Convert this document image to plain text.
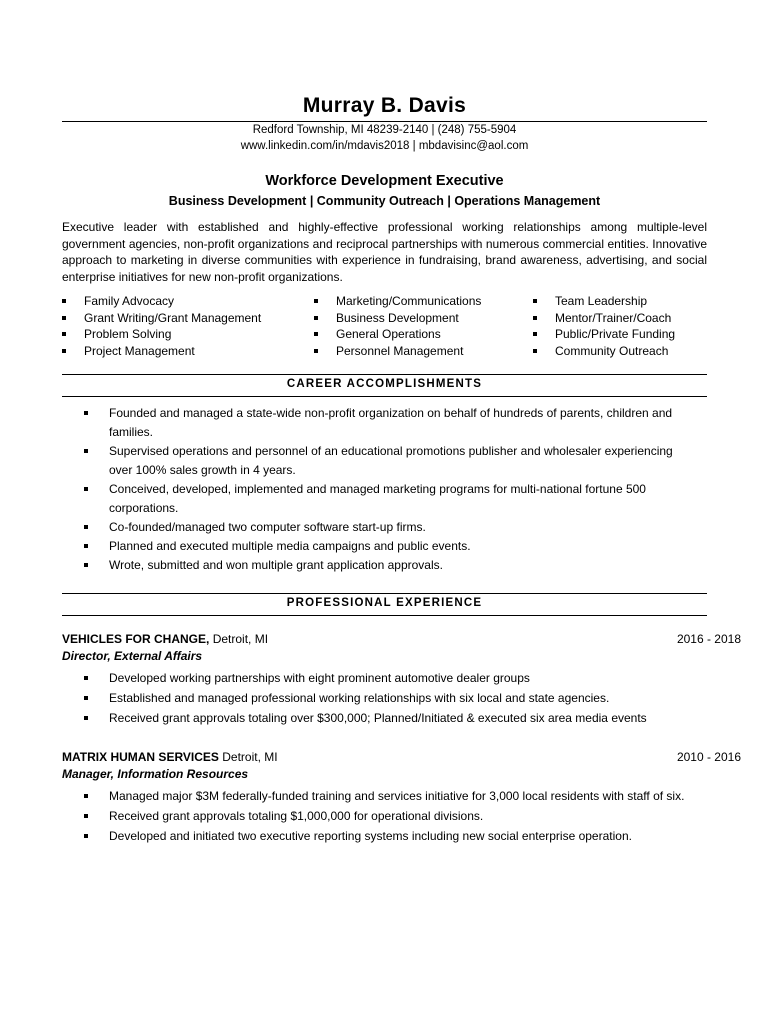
Murray B. Davis
Redford Township, MI 48239-2140 | (248) 755-5904
www.linkedin.com/in/mdavis2018 | mbdavisinc@aol.com
Workforce Development Executive
Business Development | Community Outreach | Operations Management
Executive leader with established and highly-effective professional working relationships among multiple-level government agencies, non-profit organizations and reciprocal partnerships with numerous commercial entities. Innovative approach to marketing in diverse communities with experience in fundraising, brand awareness, advertising, and social enterprise initiatives for new non-profit organizations.
Family Advocacy
Grant Writing/Grant Management
Problem Solving
Project Management
Marketing/Communications
Business Development
General Operations
Personnel Management
Team Leadership
Mentor/Trainer/Coach
Public/Private Funding
Community Outreach
CAREER ACCOMPLISHMENTS
Founded and managed a state-wide non-profit organization on behalf of hundreds of parents, children and
families.
Supervised operations and personnel of an educational promotions publisher and wholesaler experiencing
over 100% sales growth in 4 years.
Conceived, developed, implemented and managed marketing programs for multi-national fortune 500
corporations.
Co-founded/managed two computer software start-up firms.
Planned and executed multiple media campaigns and public events.
Wrote, submitted and won multiple grant application approvals.
PROFESSIONAL EXPERIENCE
VEHICLES FOR CHANGE, Detroit, MI	2016 - 2018
Director, External Affairs
Developed working partnerships with eight prominent automotive dealer groups
Established and managed professional working relationships with six local and state agencies.
Received grant approvals totaling over $300,000; Planned/Initiated & executed six area media events
MATRIX HUMAN SERVICES Detroit, MI	2010 - 2016
Manager, Information Resources
Managed major $3M federally-funded training and services initiative for 3,000 local residents with staff of six.
Received grant approvals totaling $1,000,000 for operational divisions.
Developed and initiated two executive reporting systems including new social enterprise operation.
